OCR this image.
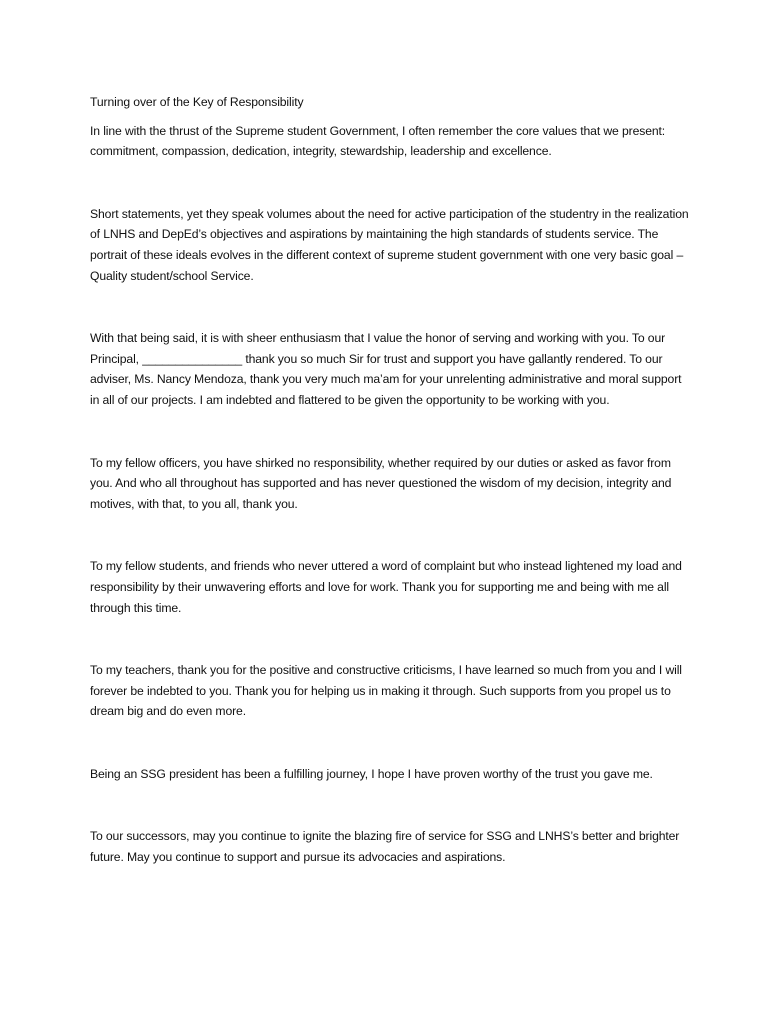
Turning over of the Key of Responsibility

In line with the thrust of the Supreme student Government, I often remember the core values that we present: commitment, compassion, dedication, integrity, stewardship, leadership and excellence.

Short statements, yet they speak volumes about the need for active participation of the studentry in the realization of LNHS and DepEd’s objectives and aspirations by maintaining the high standards of students service. The portrait of these ideals evolves in the different context of supreme student government with one very basic goal – Quality student/school Service.

With that being said, it is with sheer enthusiasm that I value the honor of serving and working with you. To our Principal, _______________ thank you so much Sir for trust and support you have gallantly rendered. To our adviser, Ms. Nancy Mendoza, thank you very much ma’am for your unrelenting administrative and moral support in all of our projects. I am indebted and flattered to be given the opportunity to be working with you.

To my fellow officers, you have shirked no responsibility, whether required by our duties or asked as favor from you. And who all throughout has supported and has never questioned the wisdom of my decision, integrity and motives, with that, to you all, thank you.

To my fellow students, and friends who never uttered a word of complaint but who instead lightened my load and responsibility by their unwavering efforts and love for work. Thank you for supporting me and being with me all through this time.

To my teachers, thank you for the positive and constructive criticisms, I have learned so much from you and I will forever be indebted to you. Thank you for helping us in making it through. Such supports from you propel us to dream big and do even more.

Being an SSG president has been a fulfilling journey, I hope I have proven worthy of the trust you gave me.

To our successors, may you continue to ignite the blazing fire of service for SSG and LNHS’s better and brighter future. May you continue to support and pursue its advocacies and aspirations.
